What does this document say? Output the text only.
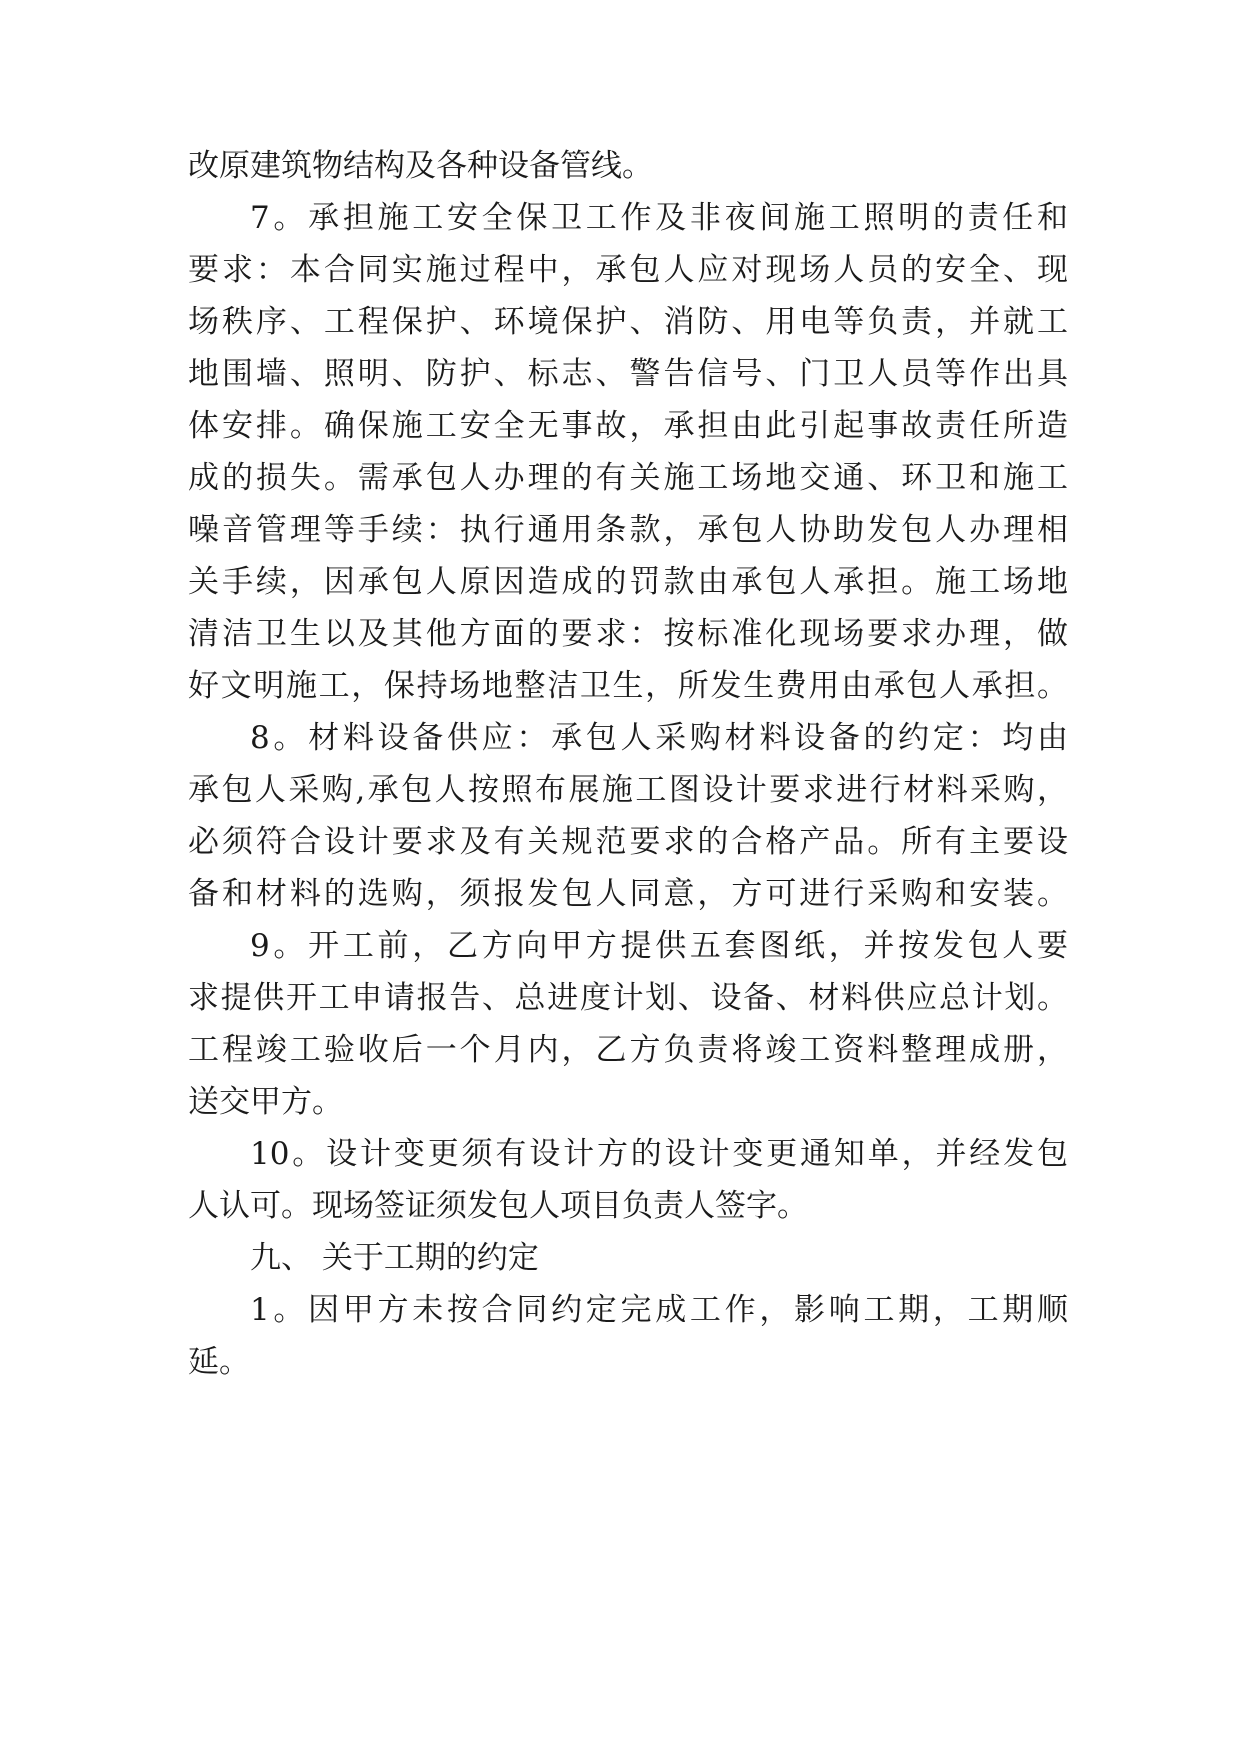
改原建筑物结构及各种设备管线。
7。承担施工安全保卫工作及非夜间施工照明的责任和
要求：本合同实施过程中，承包人应对现场人员的安全、现
场秩序、工程保护、环境保护、消防、用电等负责，并就工
地围墙、照明、防护、标志、警告信号、门卫人员等作出具
体安排。确保施工安全无事故，承担由此引起事故责任所造
成的损失。需承包人办理的有关施工场地交通、环卫和施工
噪音管理等手续：执行通用条款，承包人协助发包人办理相
关手续，因承包人原因造成的罚款由承包人承担。施工场地
清洁卫生以及其他方面的要求：按标准化现场要求办理，做
好文明施工，保持场地整洁卫生，所发生费用由承包人承担。
8。材料设备供应：承包人采购材料设备的约定：均由
承包人采购,承包人按照布展施工图设计要求进行材料采购，
必须符合设计要求及有关规范要求的合格产品。所有主要设
备和材料的选购，须报发包人同意，方可进行采购和安装。
9。开工前，乙方向甲方提供五套图纸，并按发包人要
求提供开工申请报告、总进度计划、设备、材料供应总计划。
工程竣工验收后一个月内，乙方负责将竣工资料整理成册，
送交甲方。
10。设计变更须有设计方的设计变更通知单，并经发包
人认可。现场签证须发包人项目负责人签字。
九、 关于工期的约定
1。因甲方未按合同约定完成工作，影响工期，工期顺
延。
